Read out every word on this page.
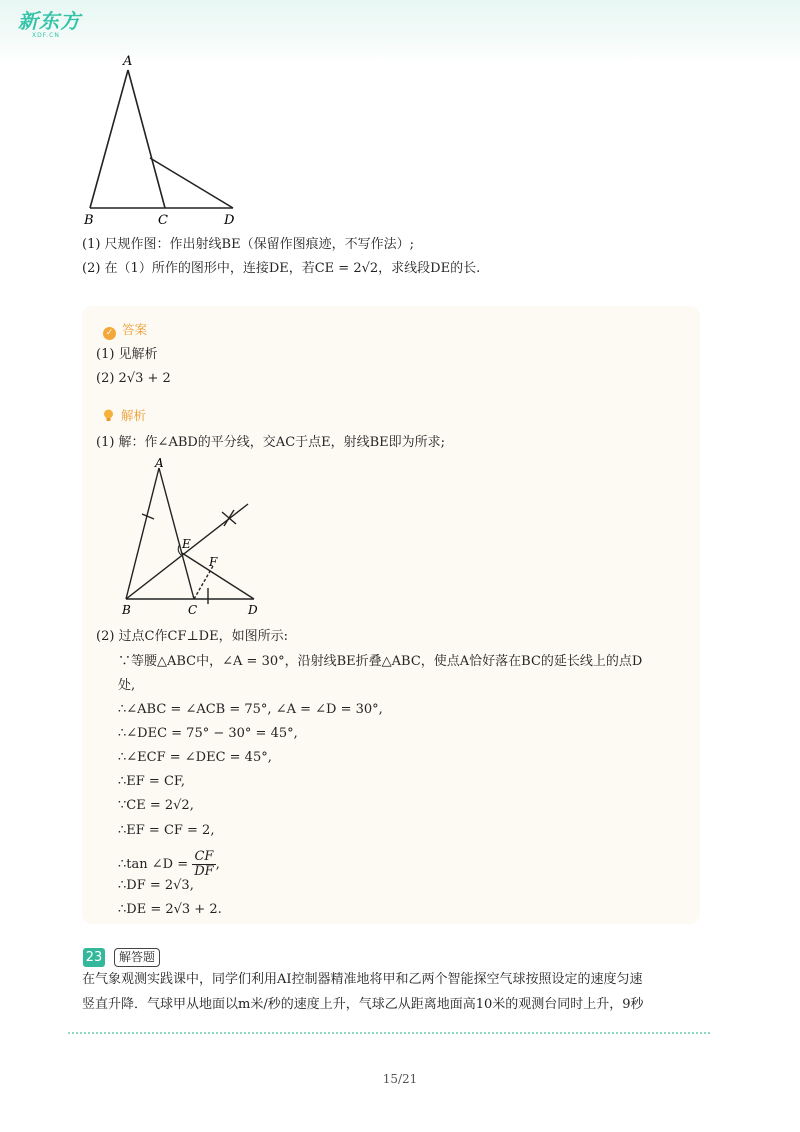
新东方
XDF.CN
A
B	C	D
(1) 尺规作图：作出射线BE（保留作图痕迹，不写作法）;
(2) 在（1）所作的图形中，连接DE，若CE = 2√2，求线段DE的长.
✓ 答案
(1) 见解析
(2) 2√3 + 2
解析
(1) 解：作∠ABD的平分线，交AC于点E，射线BE即为所求;
A
E
F
B	C	D
(2) 过点C作CF⊥DE，如图所示:
∵等腰△ABC中，∠A = 30°，沿射线BE折叠△ABC，使点A恰好落在BC的延长线上的点D
处,
∴∠ABC = ∠ACB = 75°, ∠A = ∠D = 30°,
∴∠DEC = 75° − 30° = 45°,
∴∠ECF = ∠DEC = 45°,
∴EF = CF,
∵CE = 2√2,
∴EF = CF = 2,
∴tan ∠D = $\frac{CF}{DF}$ ,
∴DF = 2√3,
∴DE = 2√3 + 2.
23	解答题
在气象观测实践课中，同学们利用AI控制器精准地将甲和乙两个智能探空气球按照设定的速度匀速
竖直升降．气球甲从地面以m米/秒的速度上升，气球乙从距离地面高10米的观测台同时上升，9秒
15/21
